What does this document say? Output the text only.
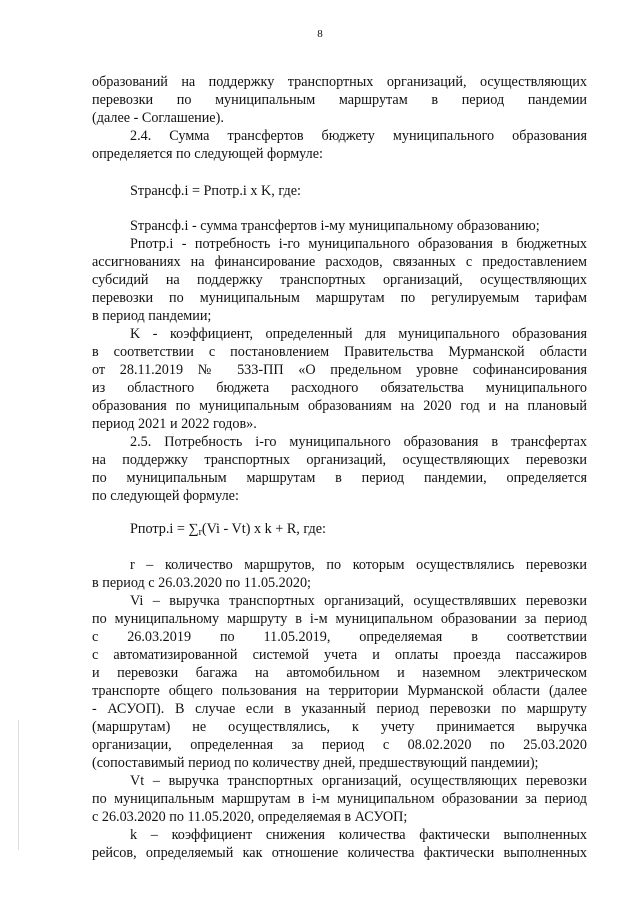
8
образований на поддержку транспортных организаций, осуществляющих
перевозки по муниципальным маршрутам в период пандемии
(далее - Соглашение).
2.4. Сумма трансфертов бюджету муниципального образования
определяется по следующей формуле:
Sтрансф.i = Pпотр.i x K, где:
Sтрансф.i - сумма трансфертов i-му муниципальному образованию;
Pпотр.i - потребность i-го муниципального образования в бюджетных
ассигнованиях на финансирование расходов, связанных с предоставлением
субсидий на поддержку транспортных организаций, осуществляющих
перевозки по муниципальным маршрутам по регулируемым тарифам
в период пандемии;
K - коэффициент, определенный для муниципального образования
в соответствии с постановлением Правительства Мурманской области
от 28.11.2019 № 533-ПП «О предельном уровне софинансирования
из областного бюджета расходного обязательства муниципального
образования по муниципальным образованиям на 2020 год и на плановый
период 2021 и 2022 годов».
2.5. Потребность i-го муниципального образования в трансфертах
на поддержку транспортных организаций, осуществляющих перевозки
по муниципальным маршрутам в период пандемии, определяется
по следующей формуле:
Pпотр.i = $\sum_r(Vi - Vt)$ x k + R, где:
r – количество маршрутов, по которым осуществлялись перевозки
в период с 26.03.2020 по 11.05.2020;
Vi – выручка транспортных организаций, осуществлявших перевозки
по муниципальному маршруту в i-м муниципальном образовании за период
с 26.03.2019 по 11.05.2019, определяемая в соответствии
с автоматизированной системой учета и оплаты проезда пассажиров
и перевозки багажа на автомобильном и наземном электрическом
транспорте общего пользования на территории Мурманской области (далее
- АСУОП). В случае если в указанный период перевозки по маршруту
(маршрутам) не осуществлялись, к учету принимается выручка
организации, определенная за период с 08.02.2020 по 25.03.2020
(сопоставимый период по количеству дней, предшествующий пандемии);
Vt – выручка транспортных организаций, осуществляющих перевозки
по муниципальным маршрутам в i-м муниципальном образовании за период
с 26.03.2020 по 11.05.2020, определяемая в АСУОП;
k – коэффициент снижения количества фактически выполненных
рейсов, определяемый как отношение количества фактически выполненных
